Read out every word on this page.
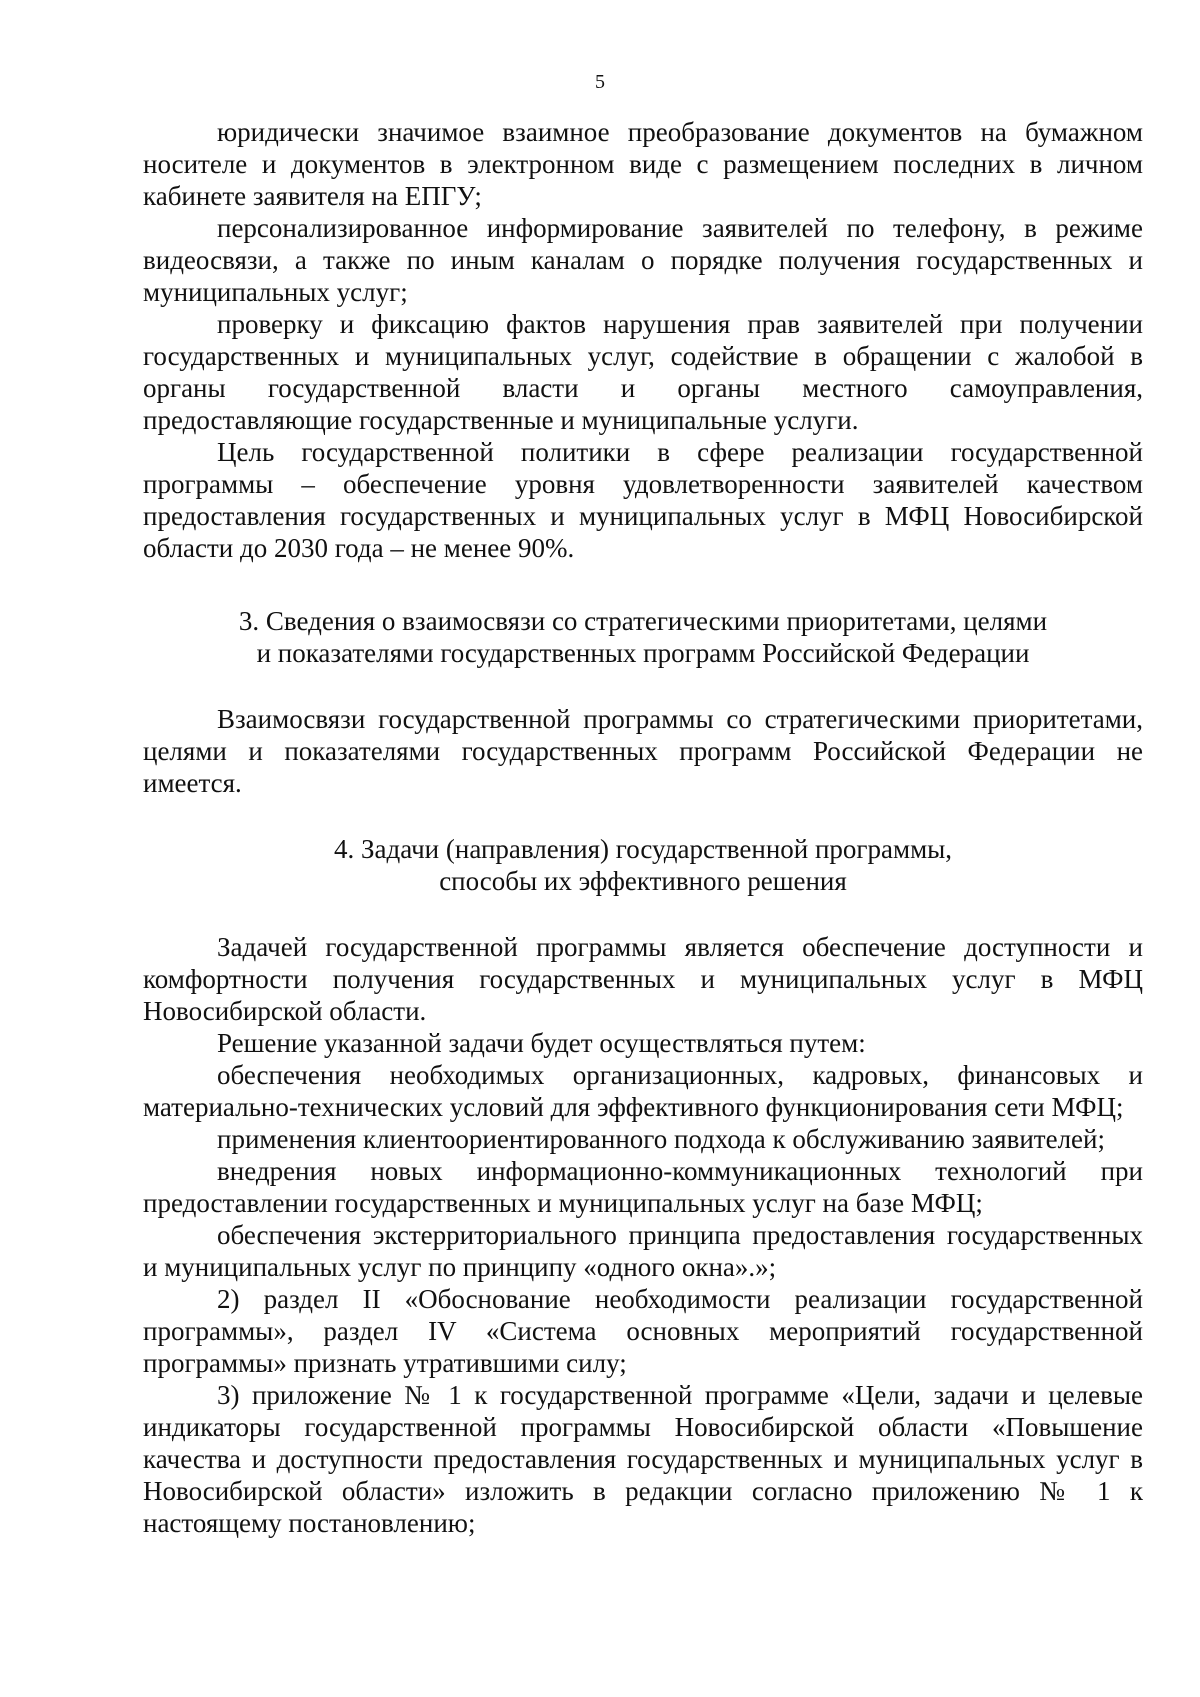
5

юридически значимое взаимное преобразование документов на бумажном носителе и документов в электронном виде с размещением последних в личном кабинете заявителя на ЕПГУ;

персонализированное информирование заявителей по телефону, в режиме видеосвязи, а также по иным каналам о порядке получения государственных и муниципальных услуг;

проверку и фиксацию фактов нарушения прав заявителей при получении государственных и муниципальных услуг, содействие в обращении с жалобой в органы государственной власти и органы местного самоуправления, предоставляющие государственные и муниципальные услуги.

Цель государственной политики в сфере реализации государственной программы – обеспечение уровня удовлетворенности заявителей качеством предоставления государственных и муниципальных услуг в МФЦ Новосибирской области до 2030 года – не менее 90%.

3. Сведения о взаимосвязи со стратегическими приоритетами, целями
и показателями государственных программ Российской Федерации

Взаимосвязи государственной программы со стратегическими приоритетами, целями и показателями государственных программ Российской Федерации не имеется.

4. Задачи (направления) государственной программы,
способы их эффективного решения

Задачей государственной программы является обеспечение доступности и комфортности получения государственных и муниципальных услуг в МФЦ Новосибирской области.

Решение указанной задачи будет осуществляться путем:

обеспечения необходимых организационных, кадровых, финансовых и материально-технических условий для эффективного функционирования сети МФЦ;

применения клиентоориентированного подхода к обслуживанию заявителей;

внедрения новых информационно-коммуникационных технологий при предоставлении государственных и муниципальных услуг на базе МФЦ;

обеспечения экстерриториального принципа предоставления государственных и муниципальных услуг по принципу «одного окна».»;

2) раздел II «Обоснование необходимости реализации государственной программы», раздел IV «Система основных мероприятий государственной программы» признать утратившими силу;

3) приложение № 1 к государственной программе «Цели, задачи и целевые индикаторы государственной программы Новосибирской области «Повышение качества и доступности предоставления государственных и муниципальных услуг в Новосибирской области» изложить в редакции согласно приложению № 1 к настоящему постановлению;
